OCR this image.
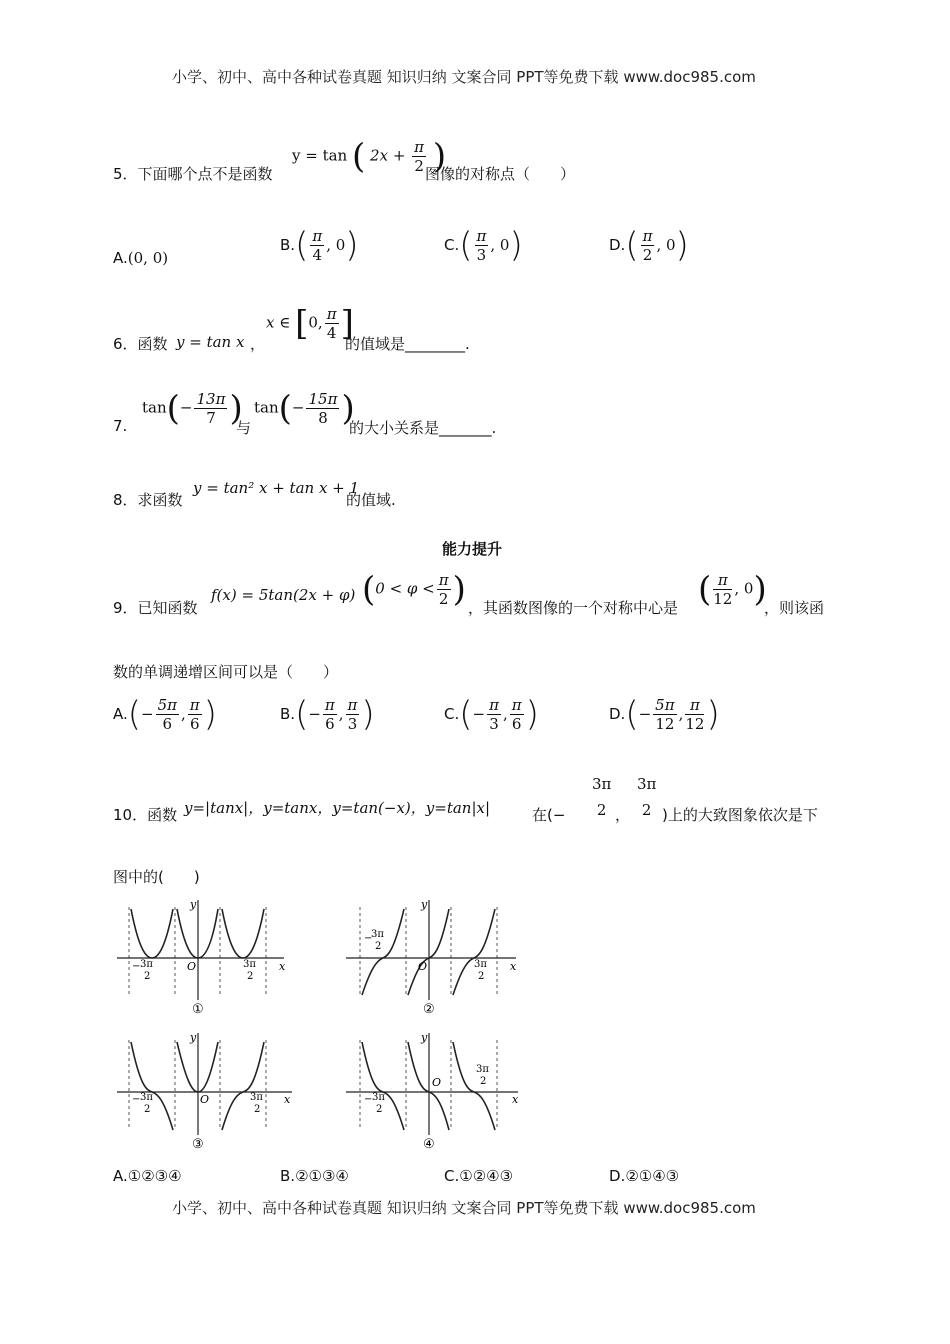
小学、初中、高中各种试卷真题 知识归纳 文案合同 PPT等免费下载 www.doc985.com
5．下面哪个点不是函数
y = tan ( $2x + \frac{\pi}{2}$ )
图像的对称点（　　）
A.(0, 0)
$B.( \frac{\pi}{4}$ , 0)	$C.( \frac{\pi}{3}$ , 0)	$D.( \frac{\pi}{2}$ , 0)
6．函数 y = tan x ，
x ∈ [0, $\frac{\pi}{4}$ ]
的值域是________.
7.
$\tan(- \frac{13\pi}{7}$ )
与
$\tan(- \frac{15\pi}{8}$ )
的大小关系是_______.
8．求函数
y = tan² x + tan x + 1
的值域.
能力提升
9．已知函数
f(x) = 5tan(2x + φ) ($0 < \varphi < \frac{\pi}{2}$ ) ，其函数图像的一个对称中心是 ( $\frac{\pi}{12}$ , 0)
，则该函
数的单调递增区间可以是（　　）
$A.(- \frac{5\pi}{6}$ , $\frac{\pi}{6}$ )	$B.(- \frac{\pi}{6}$ , $\frac{\pi}{3}$ )	$C.(- \frac{\pi}{3}$ , $\frac{\pi}{6}$ )	$D.(- \frac{5\pi}{12}$ , $\frac{\pi}{12}$ )
10．函数 y=|tanx|，y=tanx，y=tan(−x)，y=tan|x|	在(−
3π
2 ，
3π
2 )上的大致图象依次是下
图中的(　　)
y
x
O
− 3π
2
3π
2
①
y
x
O
−
3π
2
3π
2
②
y
x
O
− 3π
2
3π
2
③
y
x
O
− 3π
2
3π
2
④
A.①②③④	B.②①③④	C.①②④③	D.②①④③
小学、初中、高中各种试卷真题 知识归纳 文案合同 PPT等免费下载 www.doc985.com
